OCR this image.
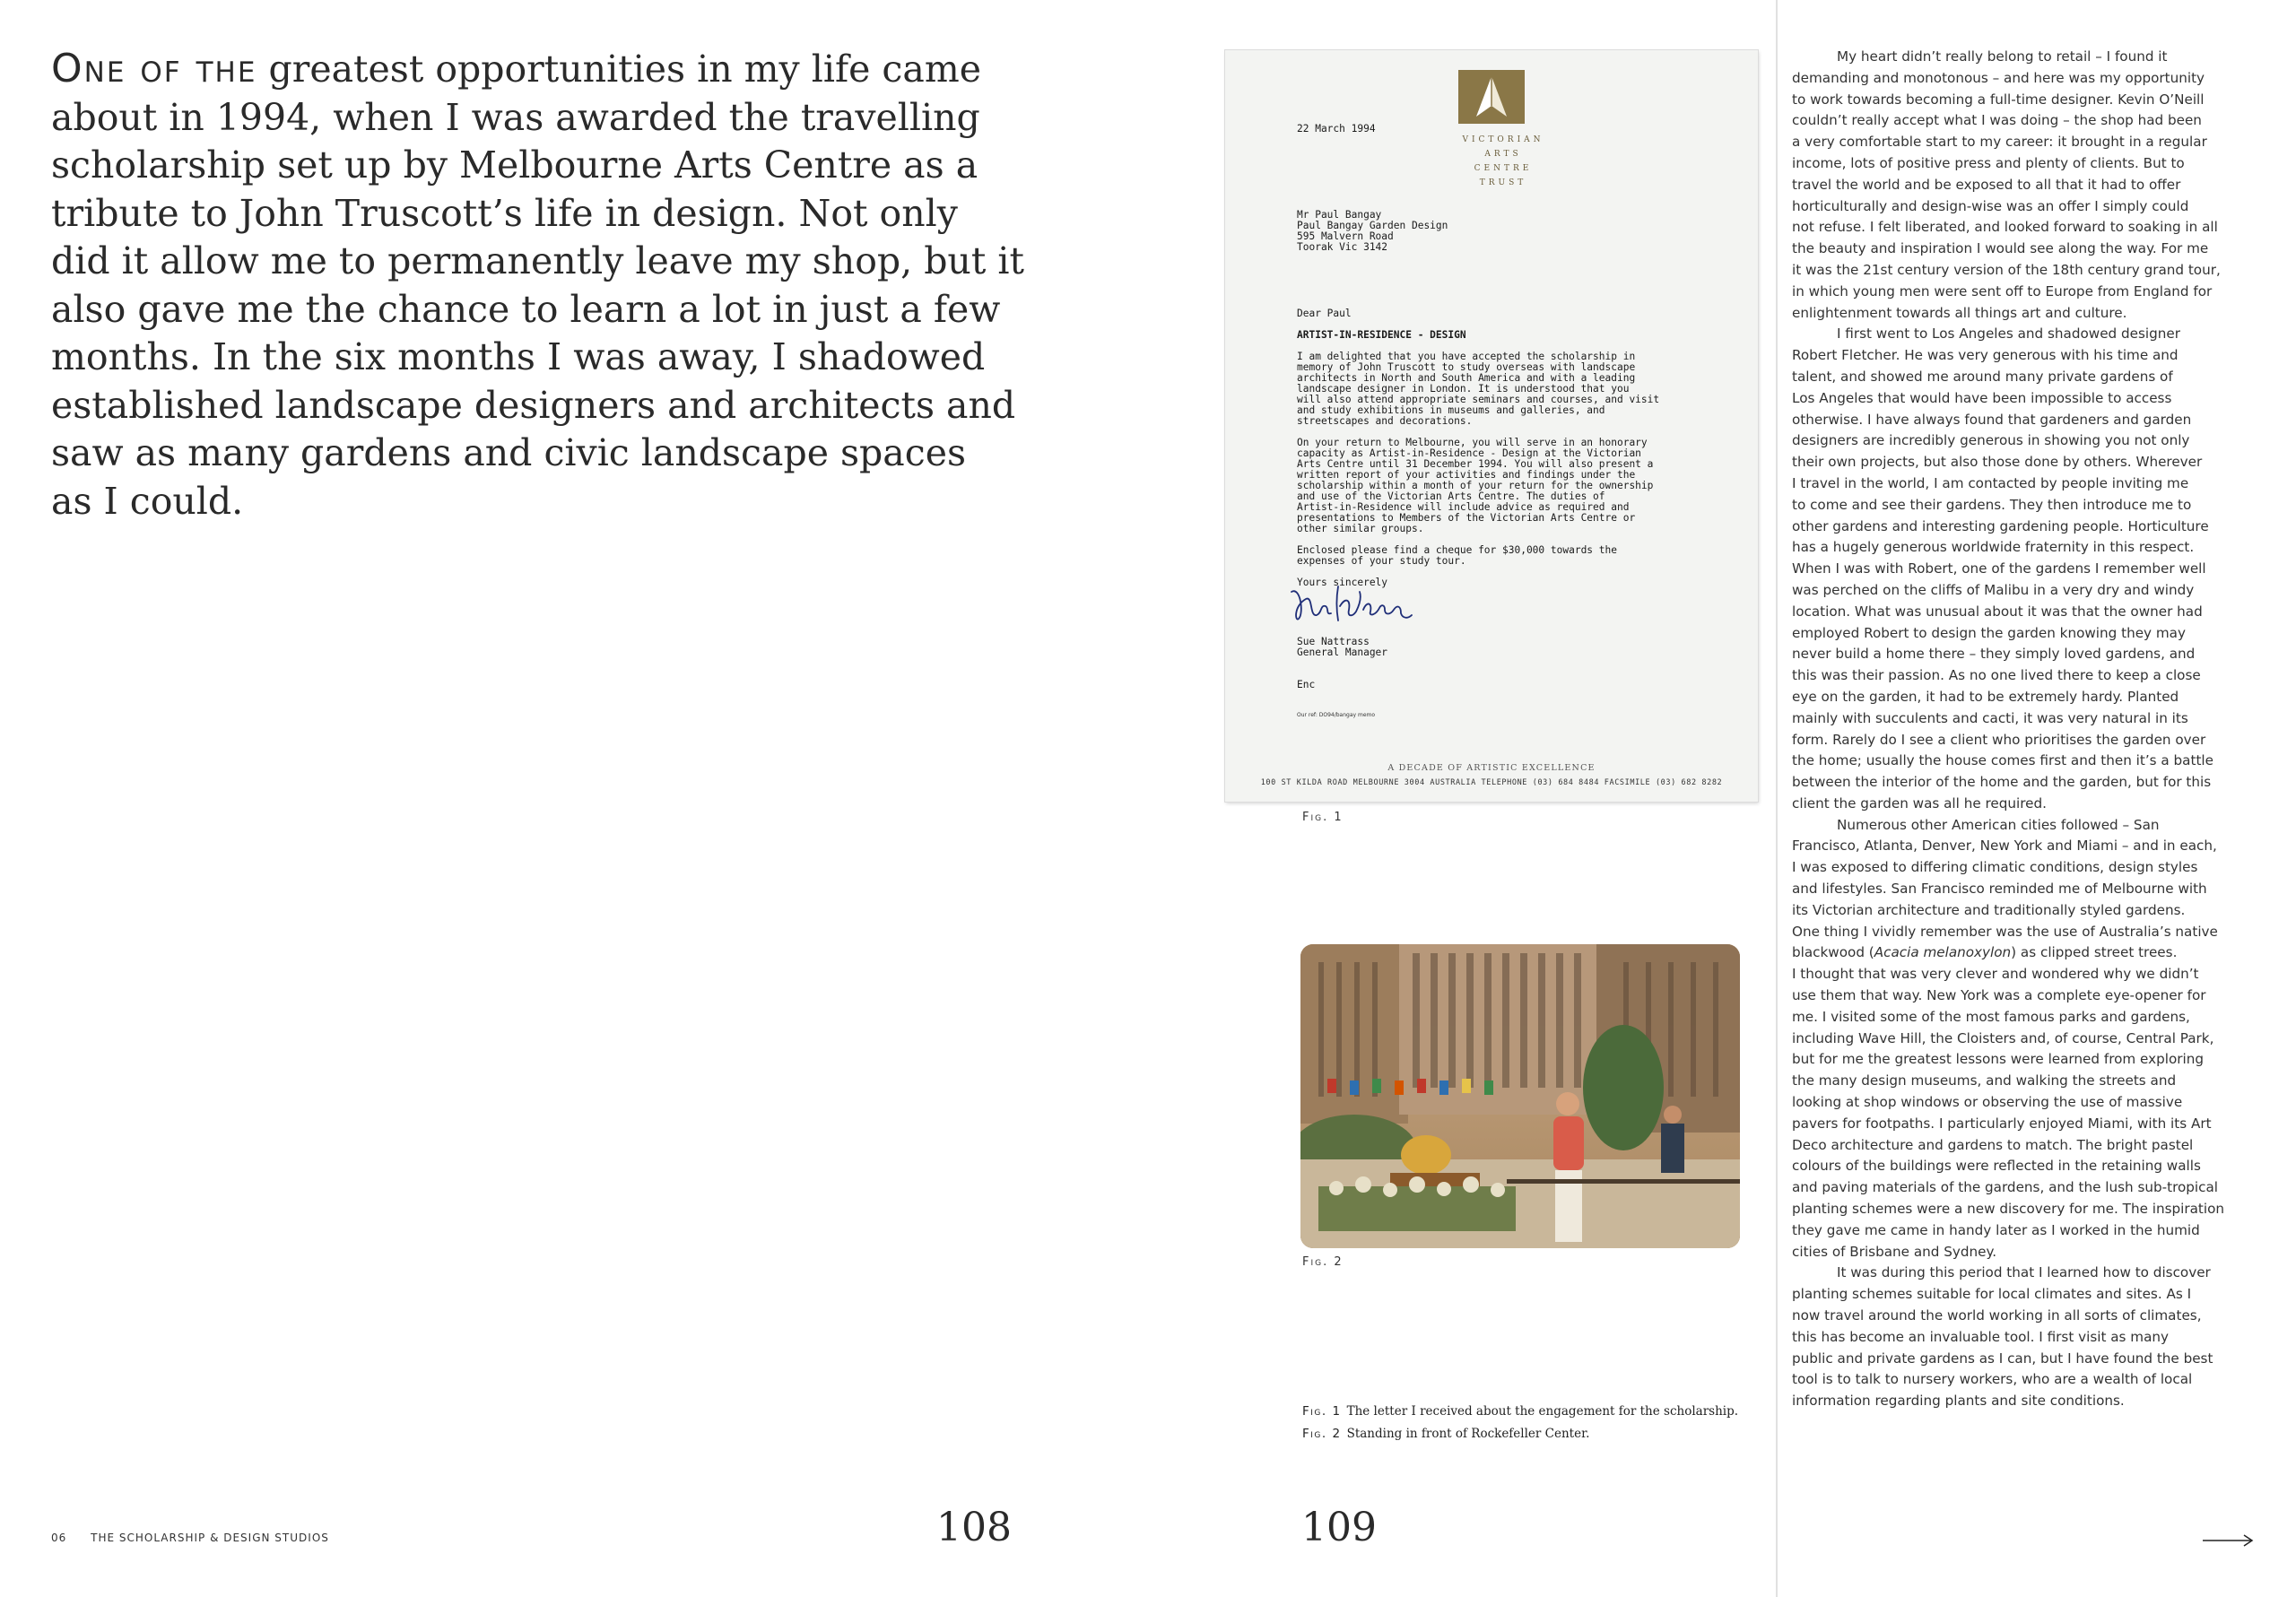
One of the greatest opportunities in my life came
about in 1994, when I was awarded the travelling
scholarship set up by Melbourne Arts Centre as a
tribute to John Truscott’s life in design. Not only
did it allow me to permanently leave my shop, but it
also gave me the chance to learn a lot in just a few
months. In the six months I was away, I shadowed
established landscape designers and architects and
saw as many gardens and civic landscape spaces
as I could.
06 THE SCHOLARSHIP & DESIGN STUDIOS	108	109
VICTORIAN
ARTS
CENTRE
TRUST
22 March 1994
Mr Paul Bangay
Paul Bangay Garden Design
595 Malvern Road
Toorak Vic 3142
Dear Paul
ARTIST-IN-RESIDENCE - DESIGN
I am delighted that you have accepted the scholarship in
memory of John Truscott to study overseas with landscape
architects in North and South America and with a leading
landscape designer in London. It is understood that you
will also attend appropriate seminars and courses, and visit
and study exhibitions in museums and galleries, and
streetscapes and decorations.
On your return to Melbourne, you will serve in an honorary
capacity as Artist-in-Residence - Design at the Victorian
Arts Centre until 31 December 1994. You will also present a
written report of your activities and findings under the
scholarship within a month of your return for the ownership
and use of the Victorian Arts Centre. The duties of
Artist-in-Residence will include advice as required and
presentations to Members of the Victorian Arts Centre or
other similar groups.
Enclosed please find a cheque for $30,000 towards the
expenses of your study tour.
Yours sincerely
Sue Nattrass
General Manager
Enc
Our ref: DO94/bangay memo
A DECADE OF ARTISTIC EXCELLENCE
100 ST KILDA ROAD MELBOURNE 3004 AUSTRALIA TELEPHONE (03) 684 8484 FACSIMILE (03) 682 8282
Fig. 1
Fig. 2
Fig. 1 The letter I received about the engagement for the scholarship.
Fig. 2 Standing in front of Rockefeller Center.
My heart didn’t really belong to retail – I found it
demanding and monotonous – and here was my opportunity
to work towards becoming a full-time designer. Kevin O’Neill
couldn’t really accept what I was doing – the shop had been
a very comfortable start to my career: it brought in a regular
income, lots of positive press and plenty of clients. But to
travel the world and be exposed to all that it had to offer
horticulturally and design-wise was an offer I simply could
not refuse. I felt liberated, and looked forward to soaking in all
the beauty and inspiration I would see along the way. For me
it was the 21st century version of the 18th century grand tour,
in which young men were sent off to Europe from England for
enlightenment towards all things art and culture.
I first went to Los Angeles and shadowed designer
Robert Fletcher. He was very generous with his time and
talent, and showed me around many private gardens of
Los Angeles that would have been impossible to access
otherwise. I have always found that gardeners and garden
designers are incredibly generous in showing you not only
their own projects, but also those done by others. Wherever
I travel in the world, I am contacted by people inviting me
to come and see their gardens. They then introduce me to
other gardens and interesting gardening people. Horticulture
has a hugely generous worldwide fraternity in this respect.
When I was with Robert, one of the gardens I remember well
was perched on the cliffs of Malibu in a very dry and windy
location. What was unusual about it was that the owner had
employed Robert to design the garden knowing they may
never build a home there – they simply loved gardens, and
this was their passion. As no one lived there to keep a close
eye on the garden, it had to be extremely hardy. Planted
mainly with succulents and cacti, it was very natural in its
form. Rarely do I see a client who prioritises the garden over
the home; usually the house comes first and then it’s a battle
between the interior of the home and the garden, but for this
client the garden was all he required.
Numerous other American cities followed – San
Francisco, Atlanta, Denver, New York and Miami – and in each,
I was exposed to differing climatic conditions, design styles
and lifestyles. San Francisco reminded me of Melbourne with
its Victorian architecture and traditionally styled gardens.
One thing I vividly remember was the use of Australia’s native
blackwood (Acacia melanoxylon) as clipped street trees.
I thought that was very clever and wondered why we didn’t
use them that way. New York was a complete eye-opener for
me. I visited some of the most famous parks and gardens,
including Wave Hill, the Cloisters and, of course, Central Park,
but for me the greatest lessons were learned from exploring
the many design museums, and walking the streets and
looking at shop windows or observing the use of massive
pavers for footpaths. I particularly enjoyed Miami, with its Art
Deco architecture and gardens to match. The bright pastel
colours of the buildings were reflected in the retaining walls
and paving materials of the gardens, and the lush sub-tropical
planting schemes were a new discovery for me. The inspiration
they gave me came in handy later as I worked in the humid
cities of Brisbane and Sydney.
It was during this period that I learned how to discover
planting schemes suitable for local climates and sites. As I
now travel around the world working in all sorts of climates,
this has become an invaluable tool. I first visit as many
public and private gardens as I can, but I have found the best
tool is to talk to nursery workers, who are a wealth of local
information regarding plants and site conditions.
